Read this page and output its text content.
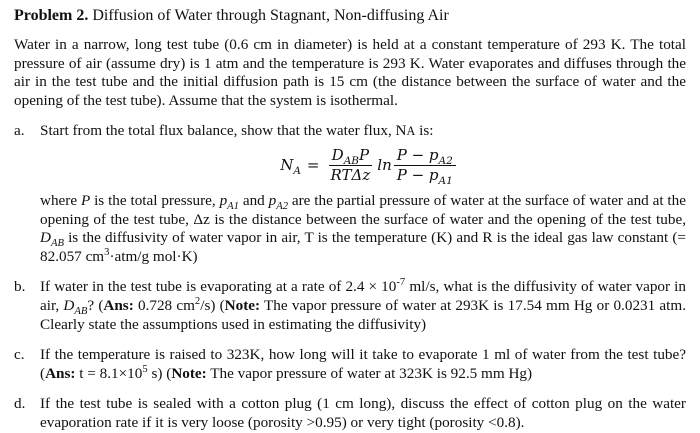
Problem 2. Diffusion of Water through Stagnant, Non-diffusing Air

Water in a narrow, long test tube (0.6 cm in diameter) is held at a constant temperature of 293 K. The total pressure of air (assume dry) is 1 atm and the temperature is 293 K. Water evaporates and diffuses through the air in the test tube and the initial diffusion path is 15 cm (the distance between the surface of water and the opening of the test tube). Assume that the system is isothermal.

a. Start from the total flux balance, show that the water flux, NA is:
$N_A = \frac{D_{AB}P}{\text{RTΔz}}$ $\ln \frac{P - p_{A2}}{P - p_{A1}}$
where P is the total pressure, $p_{A1}$ and $p_{A2}$ are the partial pressure of water at the surface of water and at the opening of the test tube, Δz is the distance between the surface of water and the opening of the test tube, $D_{AB}$ is the diffusivity of water vapor in air, T is the temperature (K) and R is the ideal gas law constant (= 82.057 $cm^3\cdot atm/g$ mol·K)
b. If water in the test tube is evaporating at a rate of $2.4 \times 10^{-7}$ ml/s, what is the diffusivity of water vapor in air, $D_{AB}$? (Ans: 0.728 $cm^2/s$) (Note: The vapor pressure of water at 293K is 17.54 mm Hg or 0.0231 atm. Clearly state the assumptions used in estimating the diffusivity)
c. If the temperature is raised to 323K, how long will it take to evaporate 1 ml of water from the test tube? (Ans: $t = 8.1\times 10^5$ s) (Note: The vapor pressure of water at 323K is 92.5 mm Hg)
d. If the test tube is sealed with a cotton plug (1 cm long), discuss the effect of cotton plug on the water evaporation rate if it is very loose (porosity >0.95) or very tight (porosity <0.8).
